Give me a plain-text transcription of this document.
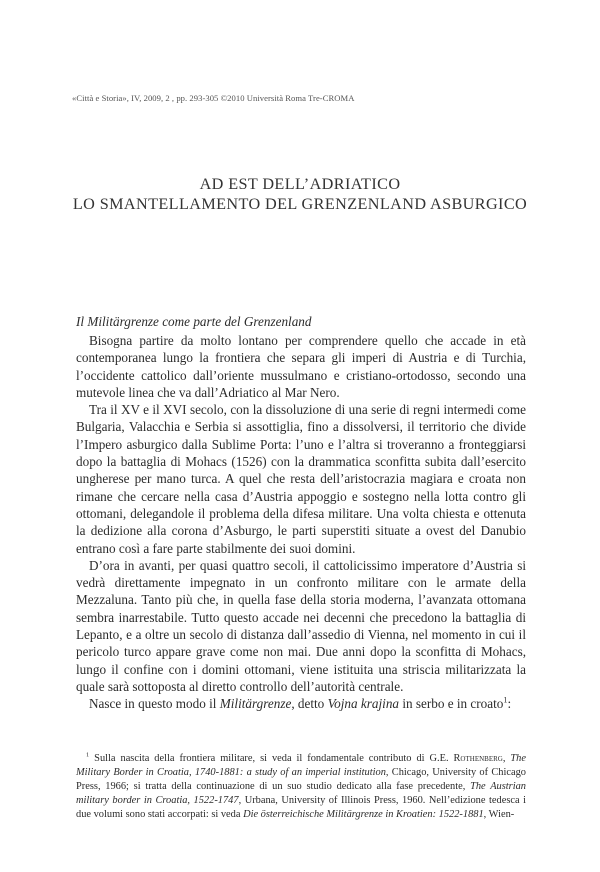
«Città e Storia», IV, 2009, 2 , pp. 293-305 ©2010 Università Roma Tre-CROMA
AD EST DELL’ADRIATICO
LO SMANTELLAMENTO DEL GRENZENLAND ASBURGICO
Il Militärgrenze come parte del Grenzenland

Bisogna partire da molto lontano per comprendere quello che accade in età contemporanea lungo la frontiera che separa gli imperi di Austria e di Turchia, l’occidente cattolico dall’oriente mussulmano e cristiano-ortodosso, secondo una mutevole linea che va dall’Adriatico al Mar Nero.

Tra il XV e il XVI secolo, con la dissoluzione di una serie di regni intermedi come Bulgaria, Valacchia e Serbia si assottiglia, fino a dissolversi, il territorio che divide l’Impero asburgico dalla Sublime Porta: l’uno e l’altra si troveranno a fronteggiarsi dopo la battaglia di Mohacs (1526) con la drammatica sconfitta subita dall’esercito ungherese per mano turca. A quel che resta dell’aristocrazia magiara e croata non rimane che cercare nella casa d’Austria appoggio e sostegno nella lotta contro gli ottomani, delegandole il problema della difesa militare. Una volta chiesta e ottenuta la dedizione alla corona d’Asburgo, le parti superstiti situate a ovest del Danubio entrano così a fare parte stabilmente dei suoi domini.

D’ora in avanti, per quasi quattro secoli, il cattolicissimo imperatore d’Austria si vedrà direttamente impegnato in un confronto militare con le armate della Mezzaluna. Tanto più che, in quella fase della storia moderna, l’avanzata ottomana sembra inarrestabile. Tutto questo accade nei decenni che precedono la battaglia di Lepanto, e a oltre un secolo di distanza dall’assedio di Vienna, nel momento in cui il pericolo turco appare grave come non mai. Due anni dopo la sconfitta di Mohacs, lungo il confine con i domini ottomani, viene istituita una striscia militarizzata la quale sarà sottoposta al diretto controllo dell’autorità centrale.

Nasce in questo modo il Militärgrenze, detto Vojna krajina in serbo e in croato$^1$:

$^1$ Sulla nascita della frontiera militare, si veda il fondamentale contributo di G.E. Rothenberg, The Military Border in Croatia, 1740-1881: a study of an imperial institution, Chicago, University of Chicago Press, 1966; si tratta della continuazione di un suo studio dedicato alla fase precedente, The Austrian military border in Croatia, 1522-1747, Urbana, University of Illinois Press, 1960. Nell’edizione tedesca i due volumi sono stati accorpati: si veda Die österreichische Militärgrenze in Kroatien: 1522-1881, Wien-
